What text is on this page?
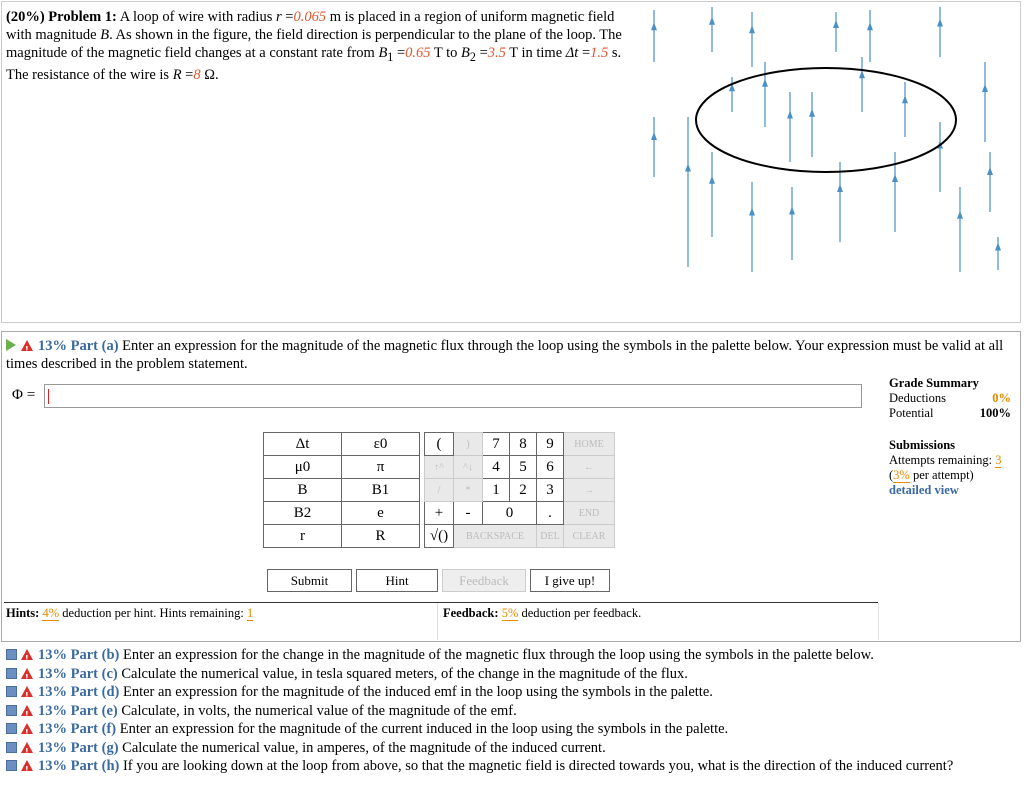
(20%) Problem 1: A loop of wire with radius r =0.065 m is placed in a region of uniform magnetic field with magnitude B. As shown in the figure, the field direction is perpendicular to the plane of the loop. The magnitude of the magnetic field changes at a constant rate from $B_1 =0.65$ T to $B_2 =3.5$ T in time Δt =1.5 s. The resistance of the wire is R =8 Ω.
!13% Part (a) Enter an expression for the magnitude of the magnetic flux through the loop using the symbols in the palette below. Your expression must be valid at all times described in the problem statement.
Φ =
Grade Summary
Deductions	0%
Potential	100%
Submissions
Attempts remaining: 3
(3% per attempt)
detailed view
Δt	ε0
μ0	π
B	B1
B2	e
r	R
(	)	7	8	9	HOME
↑^	^↓	4	5	6	←
/	*	1	2	3	→
+	-	0		.	END
√()	BACKSPACE			DEL	CLEAR
Submit	Hint	Feedback	I give up!
Hints: 4% deduction per hint. Hints remaining: 1	Feedback: 5% deduction per feedback.
!13% Part (b) Enter an expression for the change in the magnitude of the magnetic flux through the loop using the symbols in the palette below.
!13% Part (c) Calculate the numerical value, in tesla squared meters, of the change in the magnitude of the flux.
!13% Part (d) Enter an expression for the magnitude of the induced emf in the loop using the symbols in the palette.
!13% Part (e) Calculate, in volts, the numerical value of the magnitude of the emf.
!13% Part (f) Enter an expression for the magnitude of the current induced in the loop using the symbols in the palette.
!13% Part (g) Calculate the numerical value, in amperes, of the magnitude of the induced current.
!13% Part (h) If you are looking down at the loop from above, so that the magnetic field is directed towards you, what is the direction of the induced current?
